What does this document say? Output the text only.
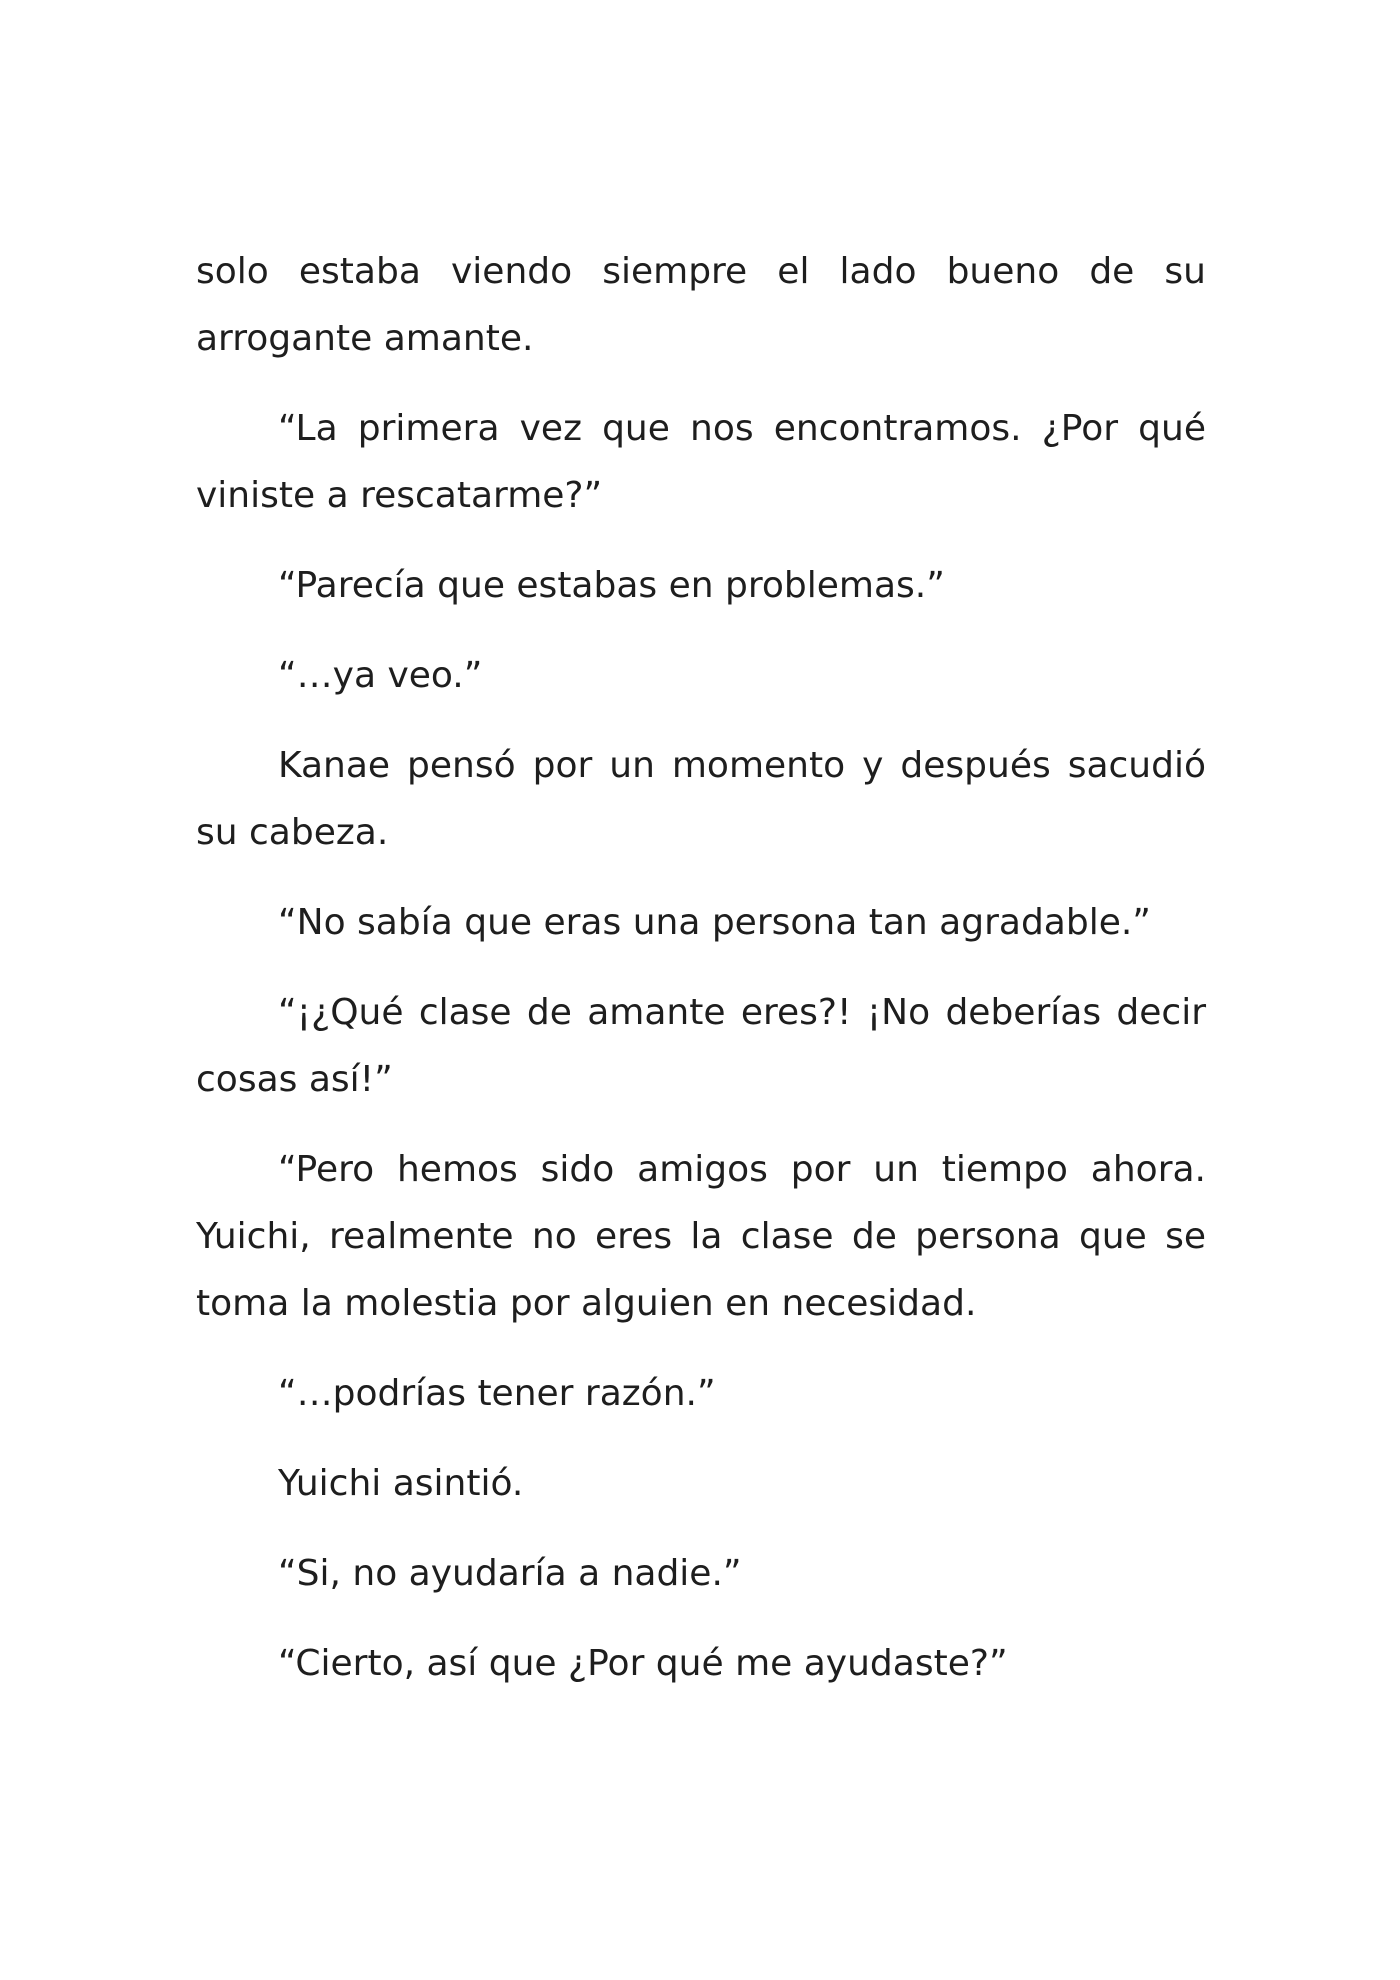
solo estaba viendo siempre el lado bueno de su arrogante amante.

“La primera vez que nos encontramos. ¿Por qué viniste a rescatarme?”

“Parecía que estabas en problemas.”

“…ya veo.”

Kanae pensó por un momento y después sacudió su cabeza.

“No sabía que eras una persona tan agradable.”

“¡¿Qué clase de amante eres?! ¡No deberías decir cosas así!”

“Pero hemos sido amigos por un tiempo ahora. Yuichi, realmente no eres la clase de persona que se toma la molestia por alguien en necesidad.

“…podrías tener razón.”

Yuichi asintió.

“Si, no ayudaría a nadie.”

“Cierto, así que ¿Por qué me ayudaste?”
